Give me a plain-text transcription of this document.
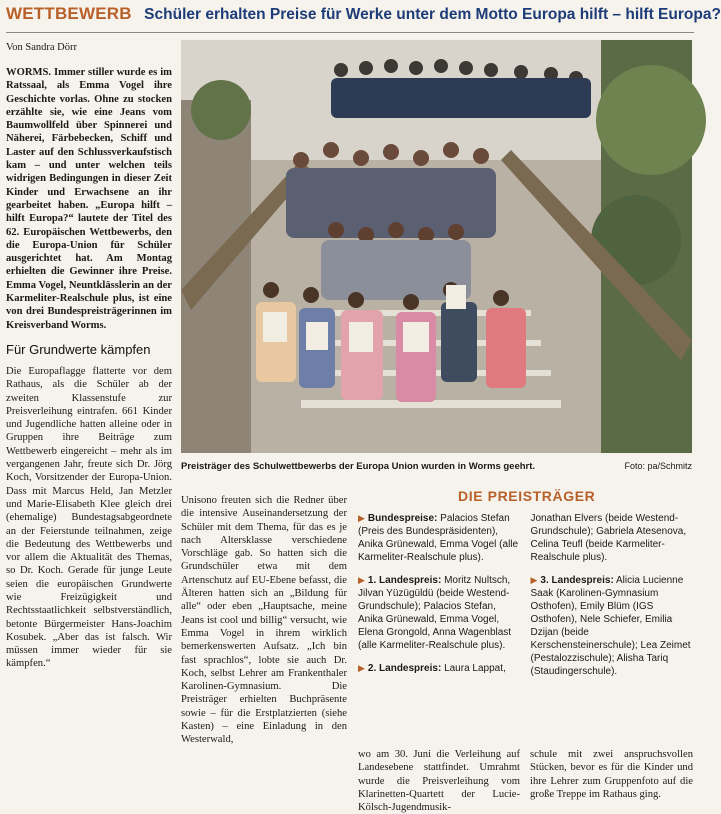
WETTBEWERB Schüler erhalten Preise für Werke unter dem Motto Europa hilft – hilft Europa?
Von Sandra Dörr

WORMS. Immer stiller wurde es im Ratssaal, als Emma Vogel ihre Geschichte vorlas. Ohne zu stocken erzählte sie, wie eine Jeans vom Baumwollfeld über Spinnerei und Näherei, Färbebecken, Schiff und Laster auf den Schlussverkaufstisch kam – und unter welchen teils widrigen Bedingungen in dieser Zeit Kinder und Erwachsene an ihr gearbeitet haben. „Europa hilft – hilft Europa?“ lautete der Titel des 62. Europäischen Wettbewerbs, den die Europa-Union für Schüler ausgerichtet hat. Am Montag erhielten die Gewinner ihre Preise. Emma Vogel, Neuntklässlerin an der Karmeliter-Realschule plus, ist eine von drei Bundespreisträgerinnen im Kreisverband Worms.

Für Grundwerte kämpfen

Die Europaflagge flatterte vor dem Rathaus, als die Schüler ab der zweiten Klassenstufe zur Preisverleihung eintrafen. 661 Kinder und Jugendliche hatten alleine oder in Gruppen ihre Beiträge zum Wettbewerb eingereicht – mehr als im vergangenen Jahr, freute sich Dr. Jörg Koch, Vorsitzender der Europa-Union. Dass mit Marcus Held, Jan Metzler und Marie-Elisabeth Klee gleich drei (ehemalige) Bundestagsabgeordnete an der Feierstunde teilnahmen, zeige die Bedeutung des Wettbewerbs und vor allem die Aktualität des Themas, so Dr. Koch. Gerade für junge Leute seien die europäischen Grundwerte wie Freizügigkeit und Rechtsstaatlichkeit selbstverständlich, betonte Bürgermeister Hans-Joachim Kosubek. „Aber das ist falsch. Wir müssen immer wieder für sie kämpfen.“

Preisträger des Schulwettbewerbs der Europa Union wurden in Worms geehrt.	Foto: pa/Schmitz

Unisono freuten sich die Redner über die intensive Auseinandersetzung der Schüler mit dem Thema, für das es je nach Altersklasse verschiedene Vorschläge gab. So hatten sich die Grundschüler etwa mit dem Artenschutz auf EU-Ebene befasst, die Älteren hatten sich an „Bildung für alle“ oder eben „Hauptsache, meine Jeans ist cool und billig“ versucht, wie Emma Vogel in ihrem wirklich bemerkenswerten Aufsatz. „Ich bin fast sprachlos“, lobte sie auch Dr. Koch, selbst Lehrer am Frankenthaler Karolinen-Gymnasium. Die Preisträger erhielten Buchpräsente sowie – für die Erstplatzierten (siehe Kasten) – eine Einladung in den Westerwald,

DIE PREISTRÄGER

▶ Bundespreise: Palacios Stefan (Preis des Bundespräsidenten), Anika Grünewald, Emma Vogel (alle Karmeliter-Realschule plus).

▶ 1. Landespreis: Moritz Nultsch, Jilvan Yüzügüldü (beide Westend-Grundschule); Palacios Stefan, Anika Grünewald, Emma Vogel, Elena Grongold, Anna Wagenblast (alle Karmeliter-Realschule plus).

▶ 2. Landespreis: Laura Lappat,

Jonathan Elvers (beide Westend-Grundschule); Gabriela Atesenova, Celina Teufl (beide Karmeliter-Realschule plus).

▶ 3. Landespreis: Alicia Lucienne Saak (Karolinen-Gymnasium Osthofen), Emily Blüm (IGS Osthofen), Nele Schiefer, Emilia Dzijan (beide Kerschensteinerschule); Lea Zeimet (Pestalozzischule); Alisha Tariq (Staudingerschule).

wo am 30. Juni die Verleihung auf Landesebene stattfindet. Umrahmt wurde die Preisverleihung vom Klarinetten-Quartett der Lucie-Kölsch-Jugendmusik-

schule mit zwei anspruchsvollen Stücken, bevor es für die Kinder und ihre Lehrer zum Gruppenfoto auf die große Treppe im Rathaus ging.
